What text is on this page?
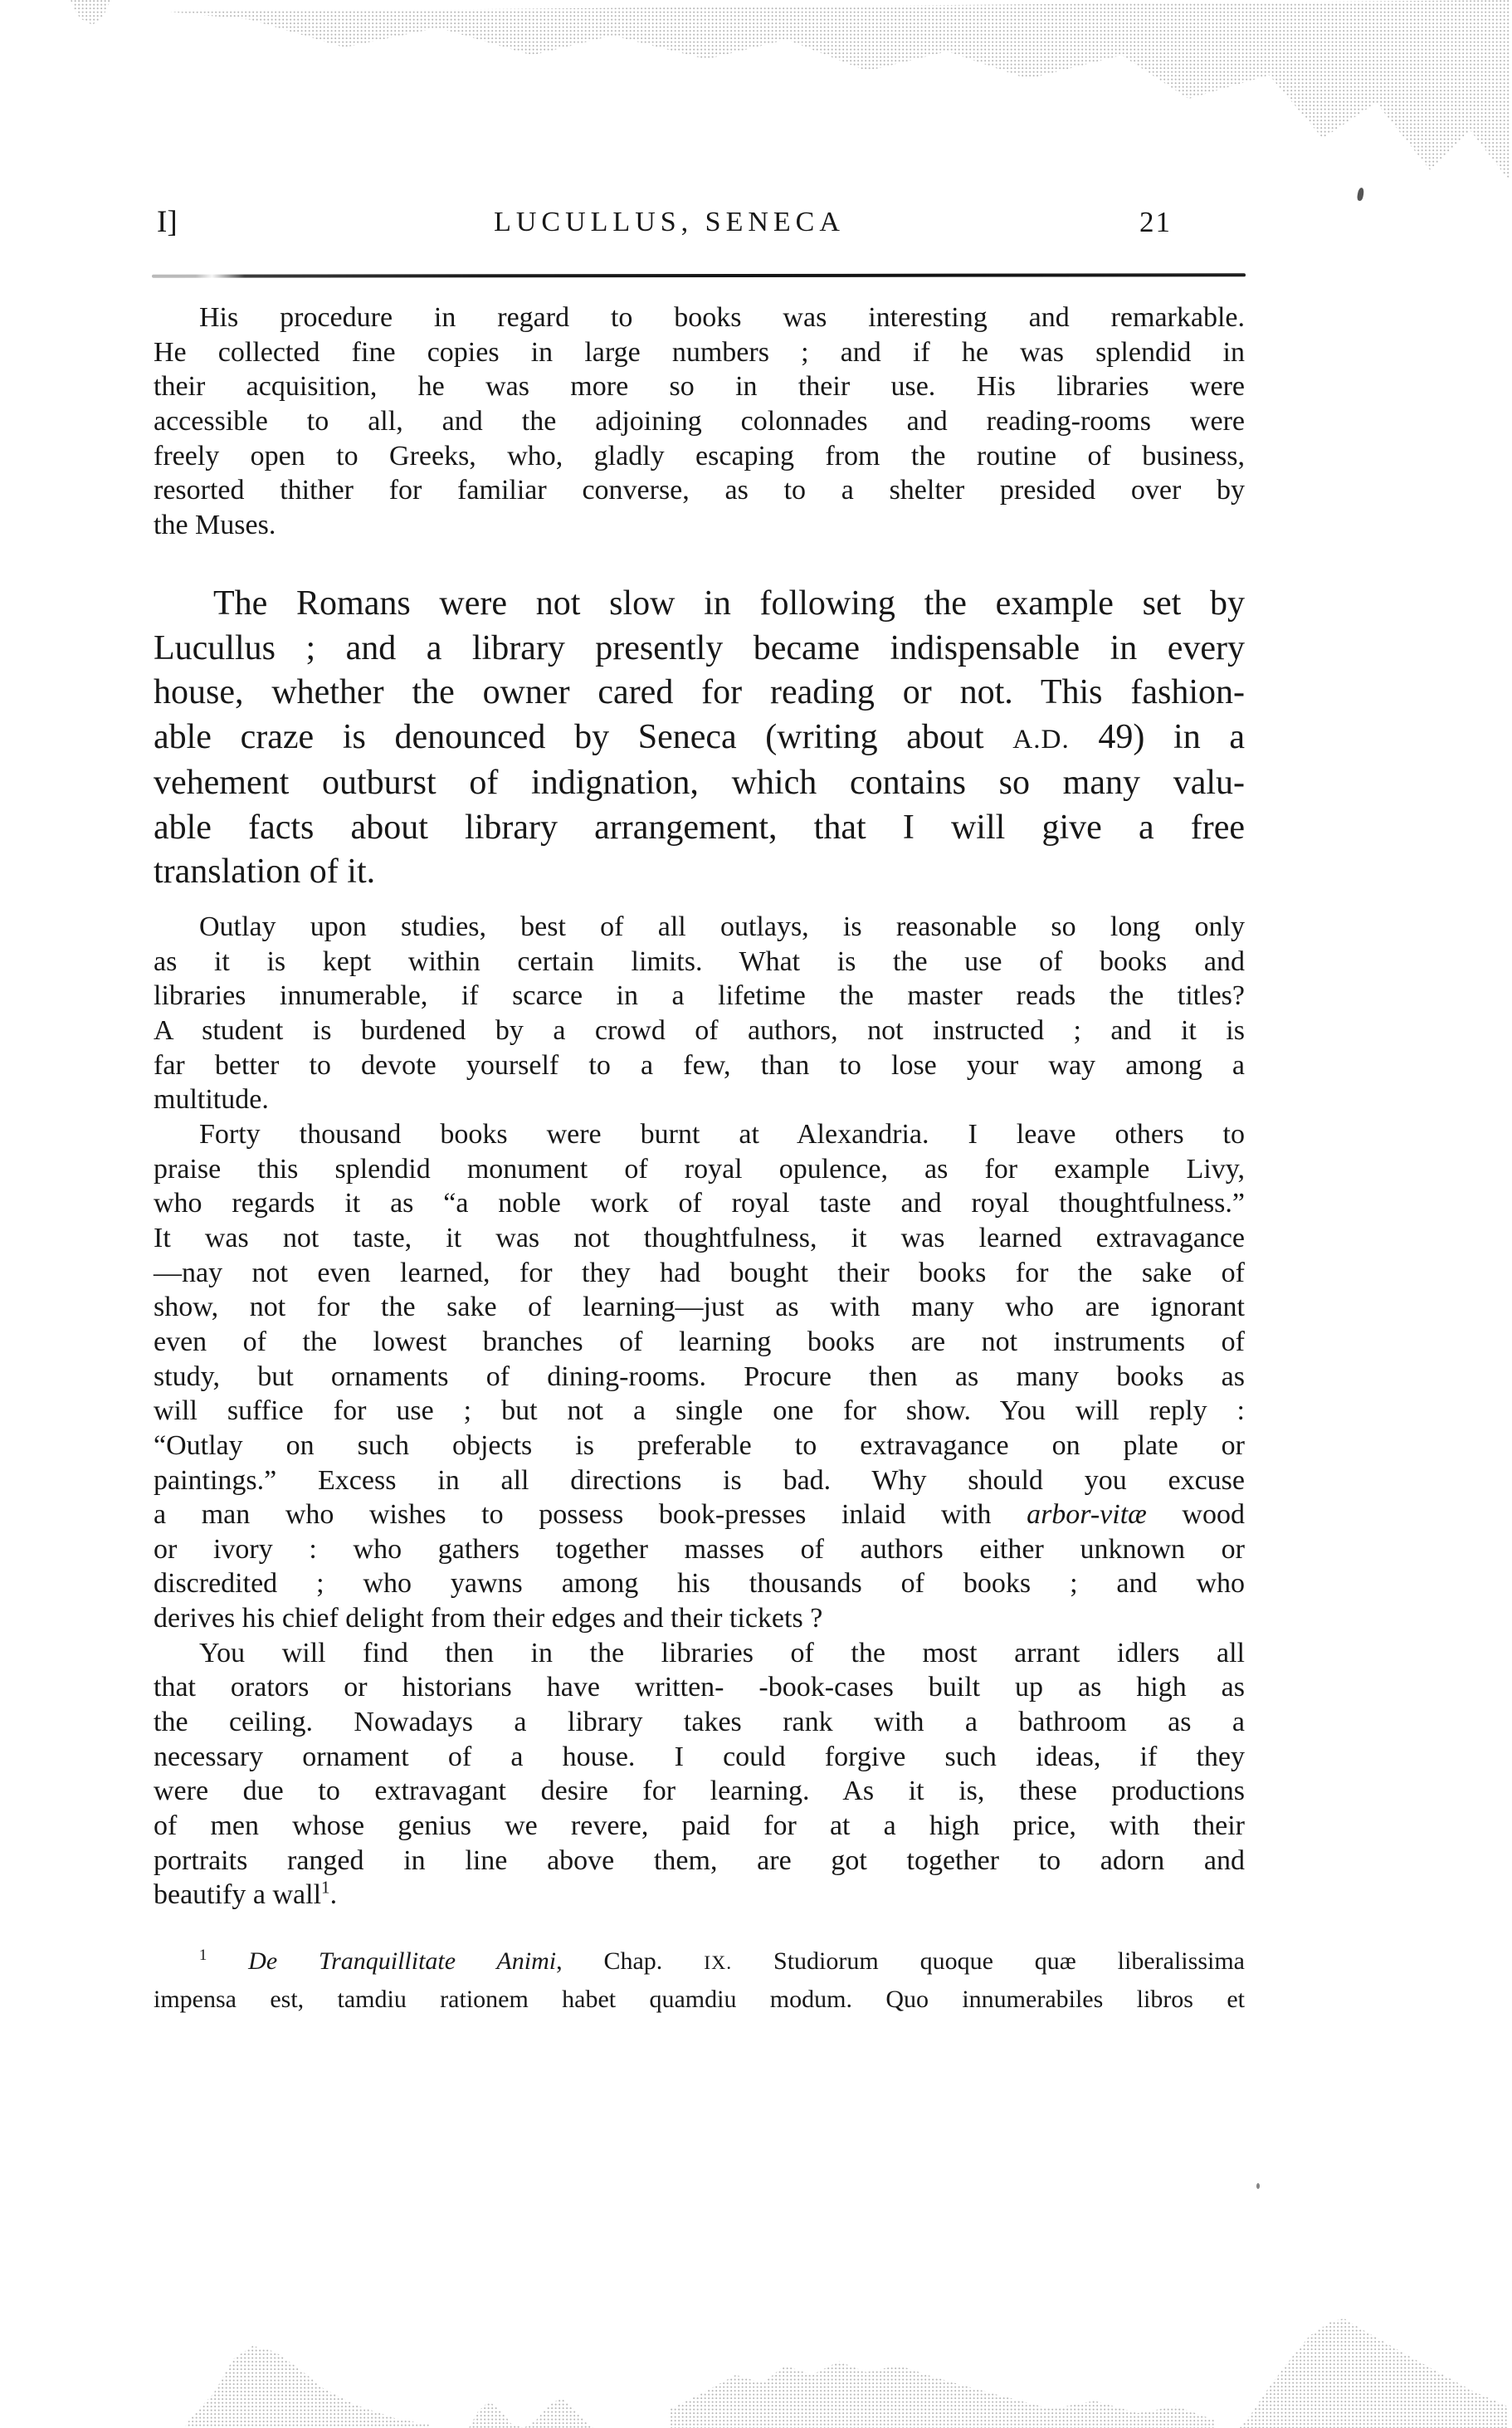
I]	LUCULLUS, SENECA	21
His procedure in regard to books was interesting and remarkable.
He collected fine copies in large numbers ; and if he was splendid in
their acquisition, he was more so in their use. His libraries were
accessible to all, and the adjoining colonnades and reading-rooms were
freely open to Greeks, who, gladly escaping from the routine of business,
resorted thither for familiar converse, as to a shelter presided over by
the Muses.
The Romans were not slow in following the example set by
Lucullus ; and a library presently became indispensable in every
house, whether the owner cared for reading or not. This fashion-
able craze is denounced by Seneca (writing about A.D. 49) in a
vehement outburst of indignation, which contains so many valu-
able facts about library arrangement, that I will give a free
translation of it.
Outlay upon studies, best of all outlays, is reasonable so long only
as it is kept within certain limits. What is the use of books and
libraries innumerable, if scarce in a lifetime the master reads the titles?
A student is burdened by a crowd of authors, not instructed ; and it is
far better to devote yourself to a few, than to lose your way among a
multitude.
Forty thousand books were burnt at Alexandria. I leave others to
praise this splendid monument of royal opulence, as for example Livy,
who regards it as “a noble work of royal taste and royal thoughtfulness.”
It was not taste, it was not thoughtfulness, it was learned extravagance
—nay not even learned, for they had bought their books for the sake of
show, not for the sake of learning—just as with many who are ignorant
even of the lowest branches of learning books are not instruments of
study, but ornaments of dining-rooms. Procure then as many books as
will suffice for use ; but not a single one for show. You will reply :
“Outlay on such objects is preferable to extravagance on plate or
paintings.” Excess in all directions is bad. Why should you excuse
a man who wishes to possess book-presses inlaid with arbor-vitæ wood
or ivory : who gathers together masses of authors either unknown or
discredited ; who yawns among his thousands of books ; and who
derives his chief delight from their edges and their tickets ?
You will find then in the libraries of the most arrant idlers all
that orators or historians have written- -book-cases built up as high as
the ceiling. Nowadays a library takes rank with a bathroom as a
necessary ornament of a house. I could forgive such ideas, if they
were due to extravagant desire for learning. As it is, these productions
of men whose genius we revere, paid for at a high price, with their
portraits ranged in line above them, are got together to adorn and
beautify a wall$^1$.
$^1$ De Tranquillitate Animi, Chap. IX. Studiorum quoque quæ liberalissima
impensa est, tamdiu rationem habet quamdiu modum. Quo innumerabiles libros et
